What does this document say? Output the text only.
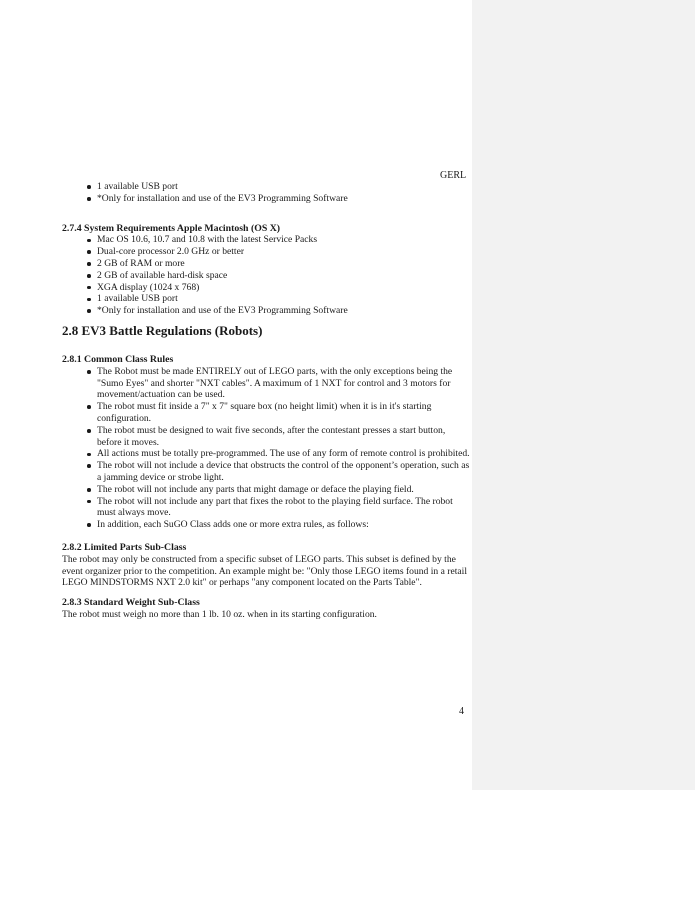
GERL
1 available USB port
*Only for installation and use of the EV3 Programming Software
2.7.4 System Requirements Apple Macintosh (OS X)
Mac OS 10.6, 10.7 and 10.8 with the latest Service Packs
Dual-core processor 2.0 GHz or better
2 GB of RAM or more
2 GB of available hard-disk space
XGA display (1024 x 768)
1 available USB port
*Only for installation and use of the EV3 Programming Software
2.8 EV3 Battle Regulations (Robots)
2.8.1 Common Class Rules
The Robot must be made ENTIRELY out of LEGO parts, with the only exceptions being the "Sumo Eyes" and shorter "NXT cables". A maximum of 1 NXT for control and 3 motors for movement/actuation can be used.
The robot must fit inside a 7" x 7" square box (no height limit) when it is in it's starting configuration.
The robot must be designed to wait five seconds, after the contestant presses a start button, before it moves.
All actions must be totally pre-programmed. The use of any form of remote control is prohibited.
The robot will not include a device that obstructs the control of the opponent’s operation, such as a jamming device or strobe light.
The robot will not include any parts that might damage or deface the playing field.
The robot will not include any part that fixes the robot to the playing field surface. The robot must always move.
In addition, each SuGO Class adds one or more extra rules, as follows:
2.8.2 Limited Parts Sub-Class

The robot may only be constructed from a specific subset of LEGO parts. This subset is defined by the event organizer prior to the competition. An example might be: "Only those LEGO items found in a retail LEGO MINDSTORMS NXT 2.0 kit" or perhaps "any component located on the Parts Table".

2.8.3 Standard Weight Sub-Class

The robot must weigh no more than 1 lb. 10 oz. when in its starting configuration.

4
